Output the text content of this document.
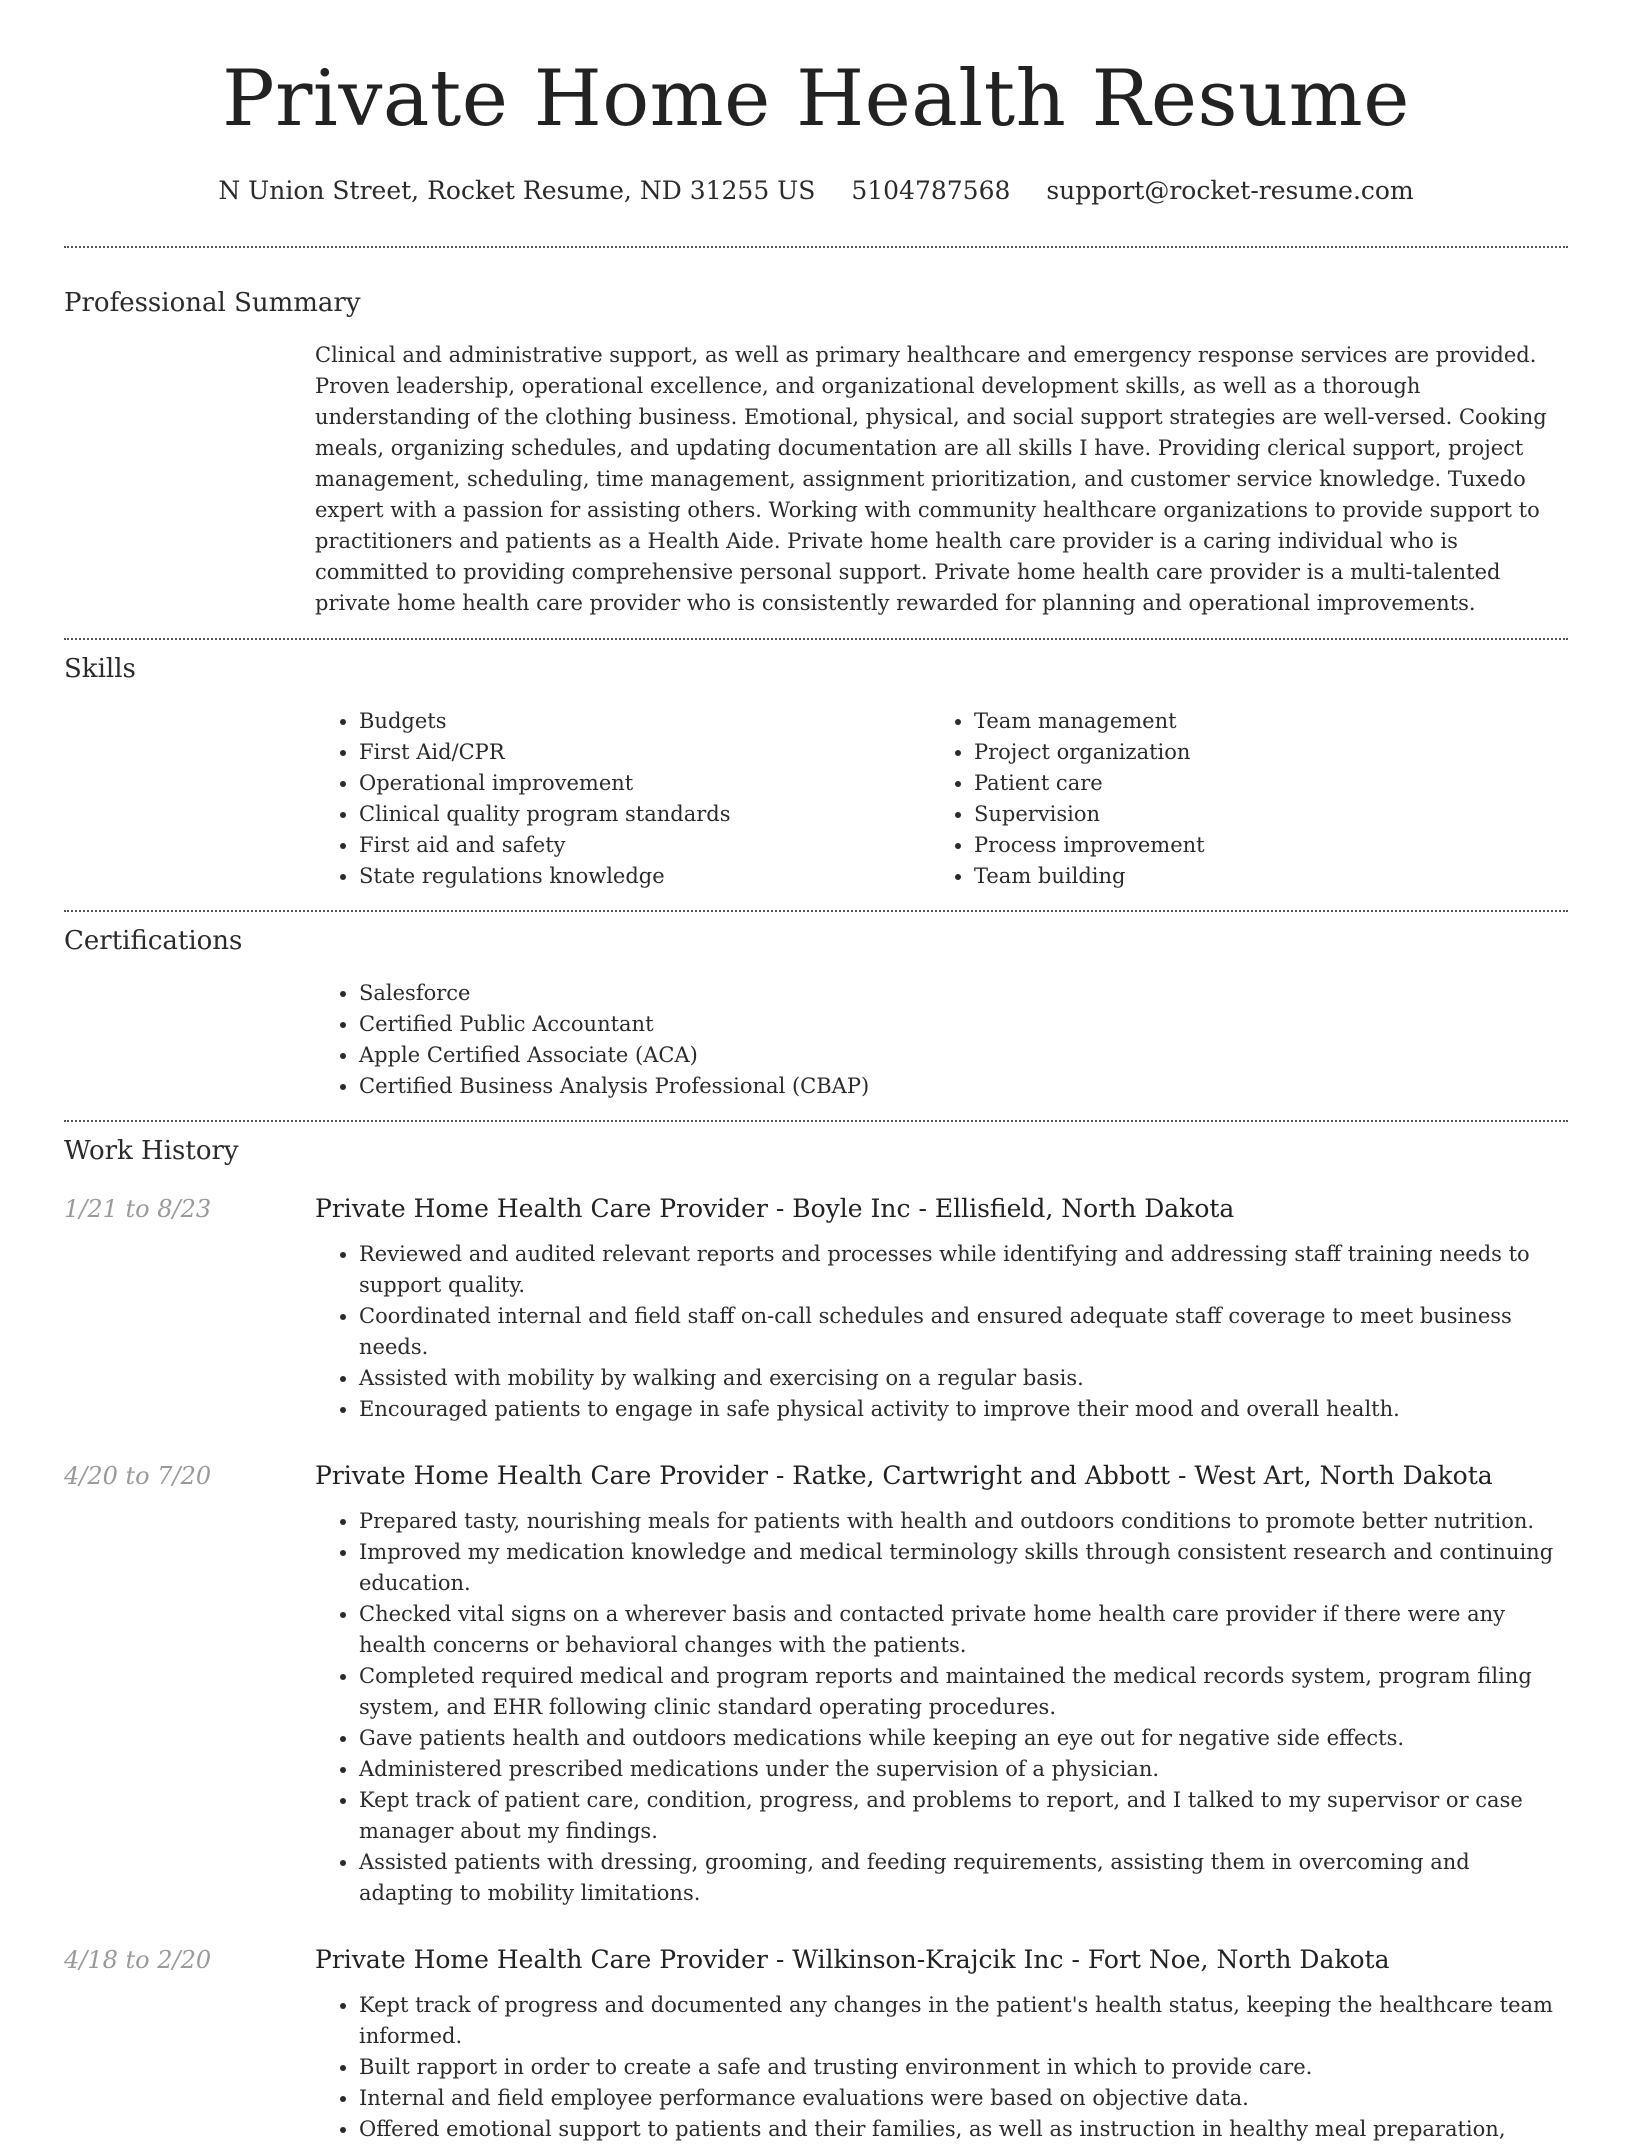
Private Home Health Resume
N Union Street, Rocket Resume, ND 31255 US 5104787568 support@rocket-resume.com
Professional Summary

Clinical and administrative support, as well as primary healthcare and emergency response services are provided. Proven leadership, operational excellence, and organizational development skills, as well as a thorough understanding of the clothing business. Emotional, physical, and social support strategies are well-versed. Cooking meals, organizing schedules, and updating documentation are all skills I have. Providing clerical support, project management, scheduling, time management, assignment prioritization, and customer service knowledge. Tuxedo expert with a passion for assisting others. Working with community healthcare organizations to provide support to practitioners and patients as a Health Aide. Private home health care provider is a caring individual who is committed to providing comprehensive personal support. Private home health care provider is a multi-talented private home health care provider who is consistently rewarded for planning and operational improvements.

Skills
• Budgets
• First Aid/CPR
• Operational improvement
• Clinical quality program standards
• First aid and safety
• State regulations knowledge
• Team management
• Project organization
• Patient care
• Supervision
• Process improvement
• Team building
Certifications
• Salesforce
• Certified Public Accountant
• Apple Certified Associate (ACA)
• Certified Business Analysis Professional (CBAP)
Work History
1/21 to 8/23	Private Home Health Care Provider - Boyle Inc - Ellisfield, North Dakota
• Reviewed and audited relevant reports and processes while identifying and addressing staff training needs to support quality.
• Coordinated internal and field staff on-call schedules and ensured adequate staff coverage to meet business needs.
• Assisted with mobility by walking and exercising on a regular basis.
• Encouraged patients to engage in safe physical activity to improve their mood and overall health.
4/20 to 7/20	Private Home Health Care Provider - Ratke, Cartwright and Abbott - West Art, North Dakota
• Prepared tasty, nourishing meals for patients with health and outdoors conditions to promote better nutrition.
• Improved my medication knowledge and medical terminology skills through consistent research and continuing education.
• Checked vital signs on a wherever basis and contacted private home health care provider if there were any health concerns or behavioral changes with the patients.
• Completed required medical and program reports and maintained the medical records system, program filing system, and EHR following clinic standard operating procedures.
• Gave patients health and outdoors medications while keeping an eye out for negative side effects.
• Administered prescribed medications under the supervision of a physician.
• Kept track of patient care, condition, progress, and problems to report, and I talked to my supervisor or case manager about my findings.
• Assisted patients with dressing, grooming, and feeding requirements, assisting them in overcoming and adapting to mobility limitations.
4/18 to 2/20	Private Home Health Care Provider - Wilkinson-Krajcik Inc - Fort Noe, North Dakota
• Kept track of progress and documented any changes in the patient's health status, keeping the healthcare team informed.
• Built rapport in order to create a safe and trusting environment in which to provide care.
• Internal and field employee performance evaluations were based on objective data.
• Offered emotional support to patients and their families, as well as instruction in healthy meal preparation,
